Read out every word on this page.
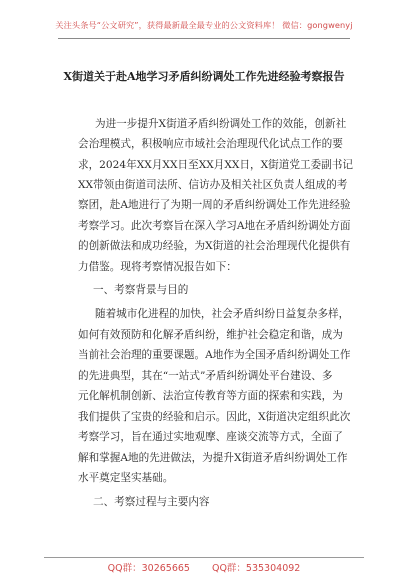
关注头条号“公文研究”，获得最新最全最专业的公文资料库！ 微信：gongwenyj
X街道关于赴A地学习矛盾纠纷调处工作先进经验考察报告
为进一步提升X街道矛盾纠纷调处工作的效能，创新社
会治理模式，积极响应市域社会治理现代化试点工作的要
求，2024年XX月XX日至XX月XX日，X街道党工委副书记
XX带领由街道司法所、信访办及相关社区负责人组成的考
察团，赴A地进行了为期一周的矛盾纠纷调处工作先进经验
考察学习。此次考察旨在深入学习A地在矛盾纠纷调处方面
的创新做法和成功经验，为X街道的社会治理现代化提供有
力借鉴。现将考察情况报告如下：
一、考察背景与目的
随着城市化进程的加快，社会矛盾纠纷日益复杂多样，
如何有效预防和化解矛盾纠纷，维护社会稳定和谐，成为
当前社会治理的重要课题。A地作为全国矛盾纠纷调处工作
的先进典型，其在“一站式”矛盾纠纷调处平台建设、多
元化解机制创新、法治宣传教育等方面的探索和实践，为
我们提供了宝贵的经验和启示。因此，X街道决定组织此次
考察学习，旨在通过实地观摩、座谈交流等方式，全面了
解和掌握A地的先进做法，为提升X街道矛盾纠纷调处工作
水平奠定坚实基础。
二、考察过程与主要内容
QQ群：30265665 QQ群：535304092
